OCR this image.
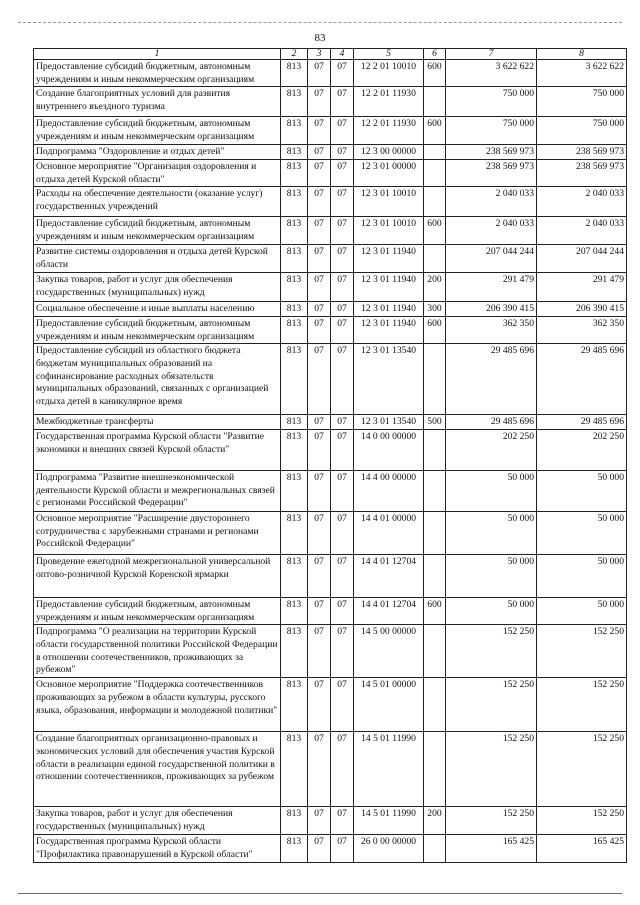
83
1	2	3	4	5	6	7	8
Предоставление субсидий бюджетным, автономным учреждениям и иным некоммерческим организациям	813	07	07	12 2 01 10010	600	3 622 622	3 622 622
Создание благоприятных условий для развития внутреннего въездного туризма	813	07	07	12 2 01 11930		750 000	750 000
Предоставление субсидий бюджетным, автономным учреждениям и иным некоммерческим организациям	813	07	07	12 2 01 11930	600	750 000	750 000
Подпрограмма "Оздоровление и отдых детей"	813	07	07	12 3 00 00000		238 569 973	238 569 973
Основное мероприятие "Организация оздоровления и отдыха детей Курской области"	813	07	07	12 3 01 00000		238 569 973	238 569 973
Расходы на обеспечение деятельности (оказание услуг) государственных учреждений	813	07	07	12 3 01 10010		2 040 033	2 040 033
Предоставление субсидий бюджетным, автономным учреждениям и иным некоммерческим организациям	813	07	07	12 3 01 10010	600	2 040 033	2 040 033
Развитие системы оздоровления и отдыха детей Курской области	813	07	07	12 3 01 11940		207 044 244	207 044 244
Закупка товаров, работ и услуг для обеспечения государственных (муниципальных) нужд	813	07	07	12 3 01 11940	200	291 479	291 479
Социальное обеспечение и иные выплаты населению	813	07	07	12 3 01 11940	300	206 390 415	206 390 415
Предоставление субсидий бюджетным, автономным учреждениям и иным некоммерческим организациям	813	07	07	12 3 01 11940	600	362 350	362 350
Предоставление субсидий из областного бюджета бюджетам муниципальных образований на софинансирование расходных обязательств муниципальных образований, связанных с организацией отдыха детей в каникулярное время	813	07	07	12 3 01 13540		29 485 696	29 485 696
Межбюджетные трансферты	813	07	07	12 3 01 13540	500	29 485 696	29 485 696
Государственная программа Курской области "Развитие экономики и внешних связей Курской области"	813	07	07	14 0 00 00000		202 250	202 250
Подпрограмма "Развитие внешнеэкономической деятельности Курской области и межрегиональных связей с регионами Российской Федерации"	813	07	07	14 4 00 00000		50 000	50 000
Основное мероприятие "Расширение двустороннего сотрудничества с зарубежными странами и регионами Российской Федерации"	813	07	07	14 4 01 00000		50 000	50 000
Проведение ежегодной межрегиональной универсальной оптово-розничной Курской Коренской ярмарки	813	07	07	14 4 01 12704		50 000	50 000
Предоставление субсидий бюджетным, автономным учреждениям и иным некоммерческим организациям	813	07	07	14 4 01 12704	600	50 000	50 000
Подпрограмма "О реализации на территории Курской области государственной политики Российской Федерации в отношении соотечественников, проживающих за рубежом"	813	07	07	14 5 00 00000		152 250	152 250
Основное мероприятие "Поддержка соотечественников проживающих за рубежом в области культуры, русского языка, образования, информации и молодежной политики"	813	07	07	14 5 01 00000		152 250	152 250
Создание благоприятных организационно-правовых и экономических условий для обеспечения участия Курской области в реализации единой государственной политики в отношении соотечественников, проживающих за рубежом	813	07	07	14 5 01 11990		152 250	152 250
Закупка товаров, работ и услуг для обеспечения государственных (муниципальных) нужд	813	07	07	14 5 01 11990	200	152 250	152 250
Государственная программа Курской области "Профилактика правонарушений в Курской области"	813	07	07	26 0 00 00000		165 425	165 425
